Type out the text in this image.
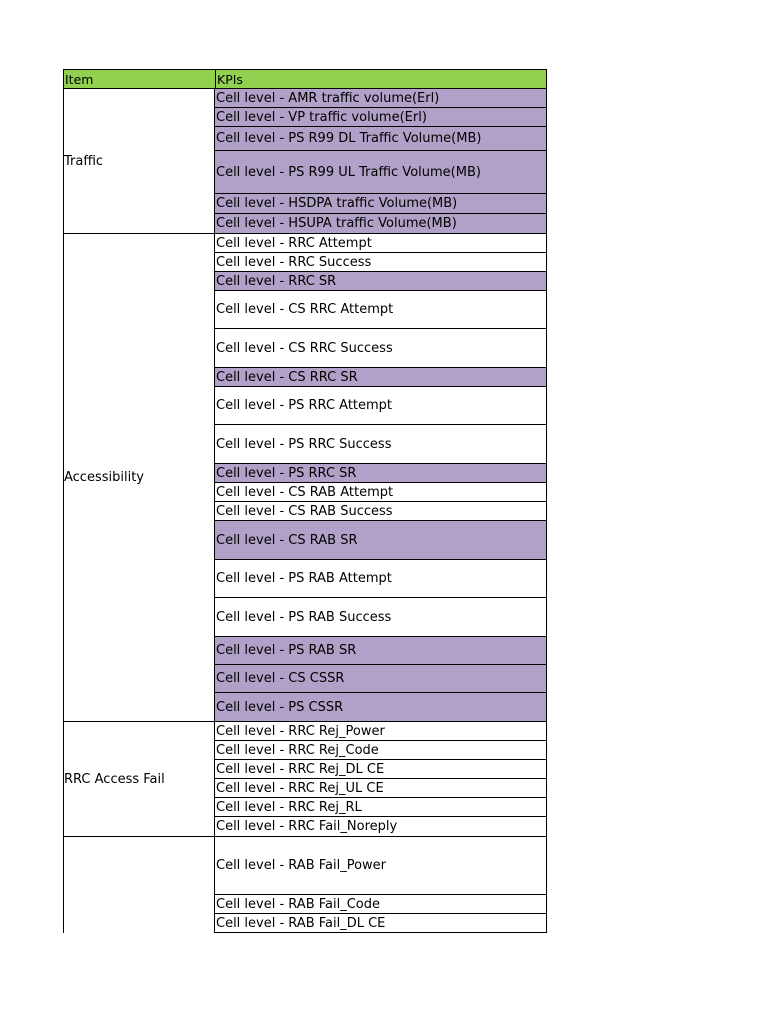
Item	KPIs
Traffic
Cell level - AMR traffic volume(Erl)
Cell level - VP traffic volume(Erl)
Cell level - PS R99 DL Traffic Volume(MB)
Cell level - PS R99 UL Traffic Volume(MB)
Cell level - HSDPA traffic Volume(MB)
Cell level - HSUPA traffic Volume(MB)
Accessibility
Cell level - RRC Attempt
Cell level - RRC Success
Cell level - RRC SR
Cell level - CS RRC Attempt
Cell level - CS RRC Success
Cell level - CS RRC SR
Cell level - PS RRC Attempt
Cell level - PS RRC Success
Cell level - PS RRC SR
Cell level - CS RAB Attempt
Cell level - CS RAB Success
Cell level - CS RAB SR
Cell level - PS RAB Attempt
Cell level - PS RAB Success
Cell level - PS RAB SR
Cell level - CS CSSR
Cell level - PS CSSR
RRC Access Fail
Cell level - RRC Rej_Power
Cell level - RRC Rej_Code
Cell level - RRC Rej_DL CE
Cell level - RRC Rej_UL CE
Cell level - RRC Rej_RL
Cell level - RRC Fail_Noreply
Cell level - RAB Fail_Power
Cell level - RAB Fail_Code
Cell level - RAB Fail_DL CE
